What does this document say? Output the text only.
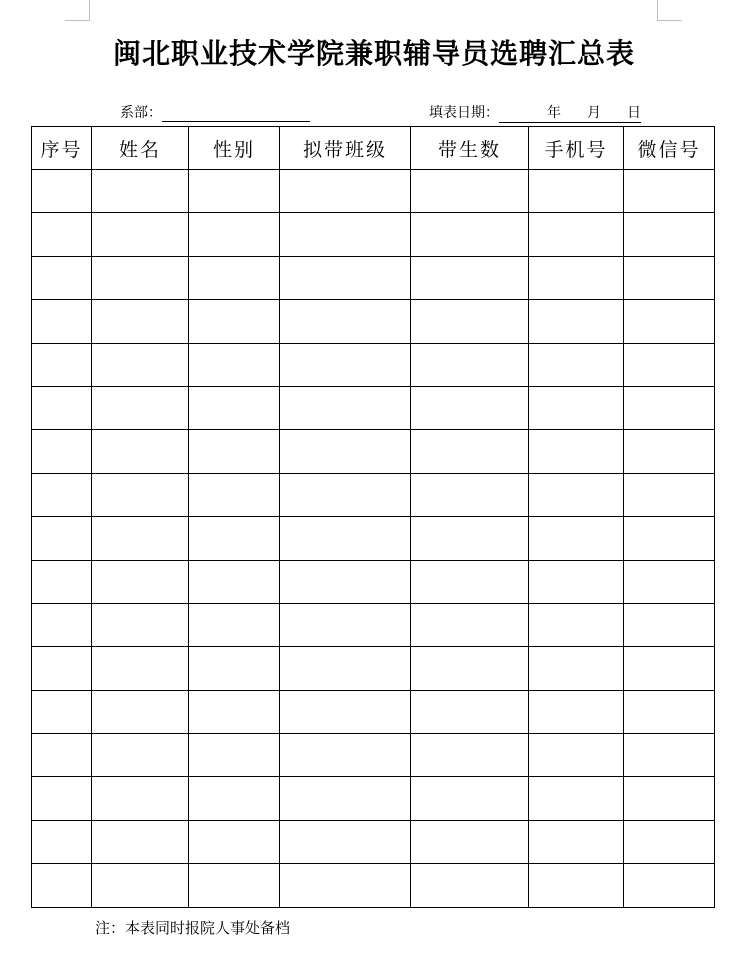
闽北职业技术学院兼职辅导员选聘汇总表
系部：	填表日期：	年 月 日
序号	姓名	性别	拟带班级	带生数	手机号	微信号

注：本表同时报院人事处备档
